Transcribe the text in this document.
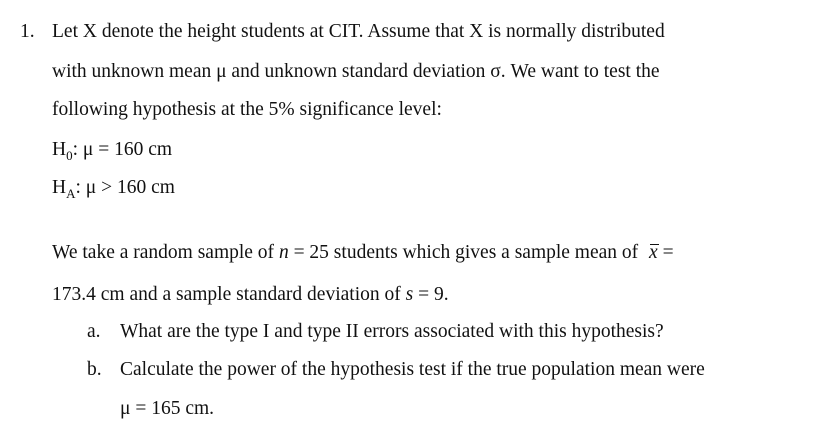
1. Let X denote the height students at CIT. Assume that X is normally distributed
with unknown mean μ and unknown standard deviation σ. We want to test the
following hypothesis at the 5% significance level:
$H_0$: μ = 160 cm
$H_A$: μ > 160 cm
We take a random sample of n = 25 students which gives a sample mean of x =
173.4 cm and a sample standard deviation of s = 9.
a. What are the type I and type II errors associated with this hypothesis?
b. Calculate the power of the hypothesis test if the true population mean were
μ = 165 cm.
